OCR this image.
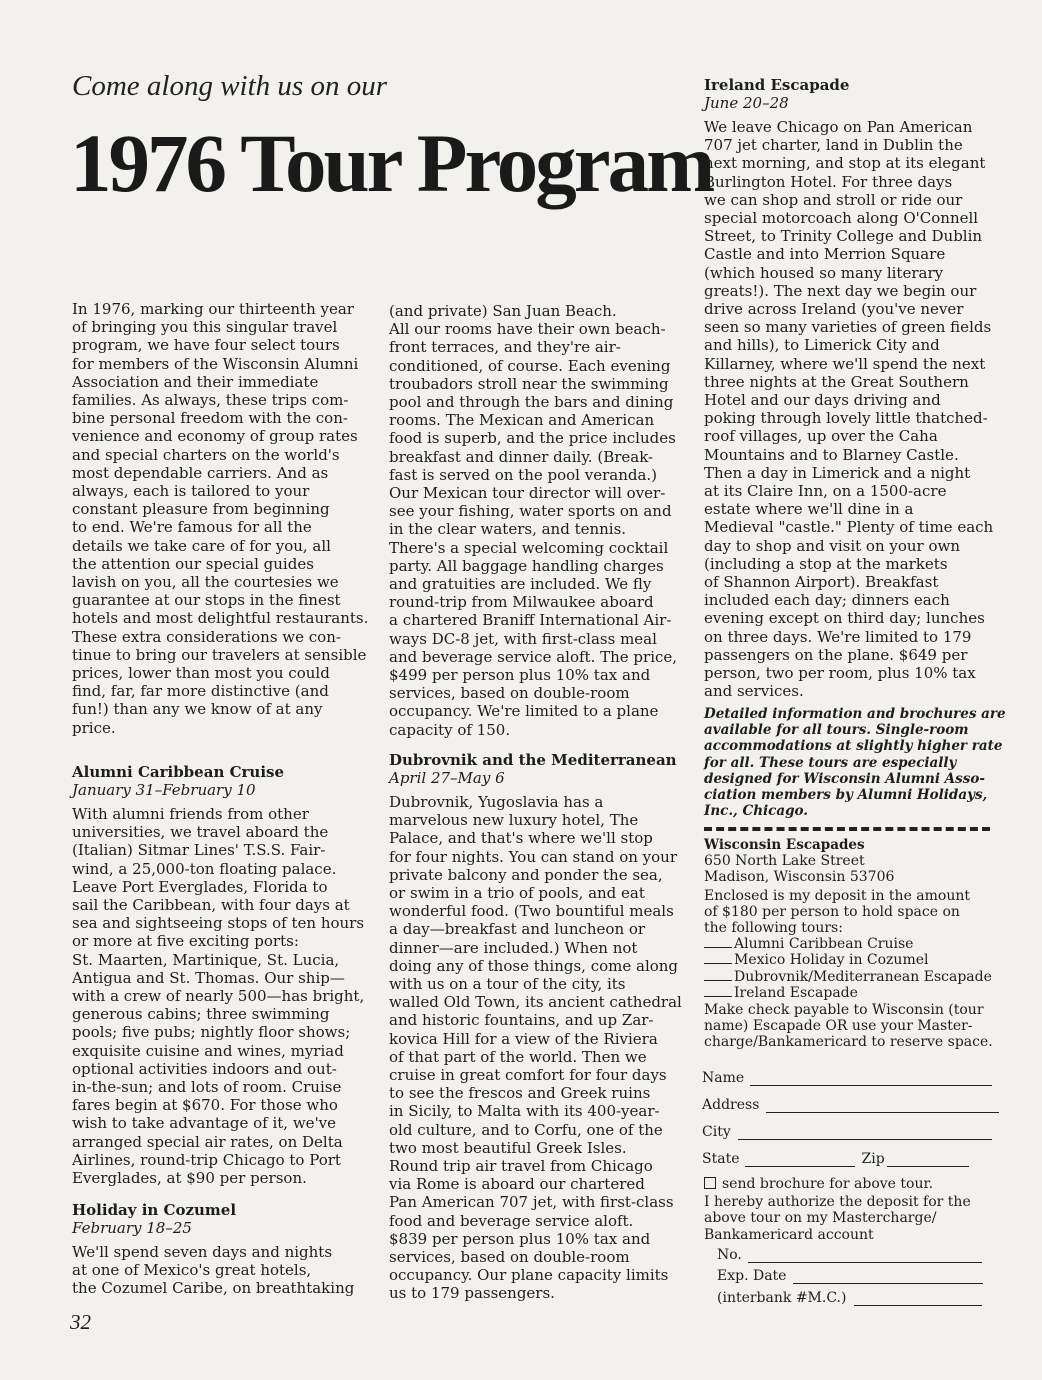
Come along with us on our
1976 Tour Program

In 1976, marking our thirteenth year

of bringing you this singular travel

program, we have four select tours

for members of the Wisconsin Alumni

Association and their immediate

families. As always, these trips com-

bine personal freedom with the con-

venience and economy of group rates

and special charters on the world's

most dependable carriers. And as

always, each is tailored to your

constant pleasure from beginning

to end. We're famous for all the

details we take care of for you, all

the attention our special guides

lavish on you, all the courtesies we

guarantee at our stops in the finest

hotels and most delightful restaurants.

These extra considerations we con-

tinue to bring our travelers at sensible

prices, lower than most you could

find, far, far more distinctive (and

fun!) than any we know of at any

price.

Alumni Caribbean Cruise
January 31–February 10

With alumni friends from other

universities, we travel aboard the

(Italian) Sitmar Lines' T.S.S. Fair-

wind, a 25,000-ton floating palace.

Leave Port Everglades, Florida to

sail the Caribbean, with four days at

sea and sightseeing stops of ten hours

or more at five exciting ports:

St. Maarten, Martinique, St. Lucia,

Antigua and St. Thomas. Our ship—

with a crew of nearly 500—has bright,

generous cabins; three swimming

pools; five pubs; nightly floor shows;

exquisite cuisine and wines, myriad

optional activities indoors and out-

in-the-sun; and lots of room. Cruise

fares begin at $670. For those who

wish to take advantage of it, we've

arranged special air rates, on Delta

Airlines, round-trip Chicago to Port

Everglades, at $90 per person.

Holiday in Cozumel
February 18–25

We'll spend seven days and nights

at one of Mexico's great hotels,

the Cozumel Caribe, on breathtaking

(and private) San Juan Beach.

All our rooms have their own beach-

front terraces, and they're air-

conditioned, of course. Each evening

troubadors stroll near the swimming

pool and through the bars and dining

rooms. The Mexican and American

food is superb, and the price includes

breakfast and dinner daily. (Break-

fast is served on the pool veranda.)

Our Mexican tour director will over-

see your fishing, water sports on and

in the clear waters, and tennis.

There's a special welcoming cocktail

party. All baggage handling charges

and gratuities are included. We fly

round-trip from Milwaukee aboard

a chartered Braniff International Air-

ways DC-8 jet, with first-class meal

and beverage service aloft. The price,

$499 per person plus 10% tax and

services, based on double-room

occupancy. We're limited to a plane

capacity of 150.

Dubrovnik and the Mediterranean
April 27–May 6

Dubrovnik, Yugoslavia has a

marvelous new luxury hotel, The

Palace, and that's where we'll stop

for four nights. You can stand on your

private balcony and ponder the sea,

or swim in a trio of pools, and eat

wonderful food. (Two bountiful meals

a day—breakfast and luncheon or

dinner—are included.) When not

doing any of those things, come along

with us on a tour of the city, its

walled Old Town, its ancient cathedral

and historic fountains, and up Zar-

kovica Hill for a view of the Riviera

of that part of the world. Then we

cruise in great comfort for four days

to see the frescos and Greek ruins

in Sicily, to Malta with its 400-year-

old culture, and to Corfu, one of the

two most beautiful Greek Isles.

Round trip air travel from Chicago

via Rome is aboard our chartered

Pan American 707 jet, with first-class

food and beverage service aloft.

$839 per person plus 10% tax and

services, based on double-room

occupancy. Our plane capacity limits

us to 179 passengers.

Ireland Escapade
June 20–28

We leave Chicago on Pan American

707 jet charter, land in Dublin the

next morning, and stop at its elegant

Burlington Hotel. For three days

we can shop and stroll or ride our

special motorcoach along O'Connell

Street, to Trinity College and Dublin

Castle and into Merrion Square

(which housed so many literary

greats!). The next day we begin our

drive across Ireland (you've never

seen so many varieties of green fields

and hills), to Limerick City and

Killarney, where we'll spend the next

three nights at the Great Southern

Hotel and our days driving and

poking through lovely little thatched-

roof villages, up over the Caha

Mountains and to Blarney Castle.

Then a day in Limerick and a night

at its Claire Inn, on a 1500-acre

estate where we'll dine in a

Medieval "castle." Plenty of time each

day to shop and visit on your own

(including a stop at the markets

of Shannon Airport). Breakfast

included each day; dinners each

evening except on third day; lunches

on three days. We're limited to 179

passengers on the plane. $649 per

person, two per room, plus 10% tax

and services.

Detailed information and brochures are

available for all tours. Single-room

accommodations at slightly higher rate

for all. These tours are especially

designed for Wisconsin Alumni Asso-

ciation members by Alumni Holidays,

Inc., Chicago.

Wisconsin Escapades

650 North Lake Street

Madison, Wisconsin 53706

Enclosed is my deposit in the amount

of $180 per person to hold space on

the following tours:

Alumni Caribbean Cruise
Mexico Holiday in Cozumel
Dubrovnik/Mediterranean Escapade
Ireland Escapade

Make check payable to Wisconsin (tour

name) Escapade OR use your Master-

charge/Bankamericard to reserve space.

Name
Address
City
State	Zip

send brochure for above tour.

I hereby authorize the deposit for the

above tour on my Mastercharge/

Bankamericard account

No.
Exp. Date
(interbank #M.C.)
32
